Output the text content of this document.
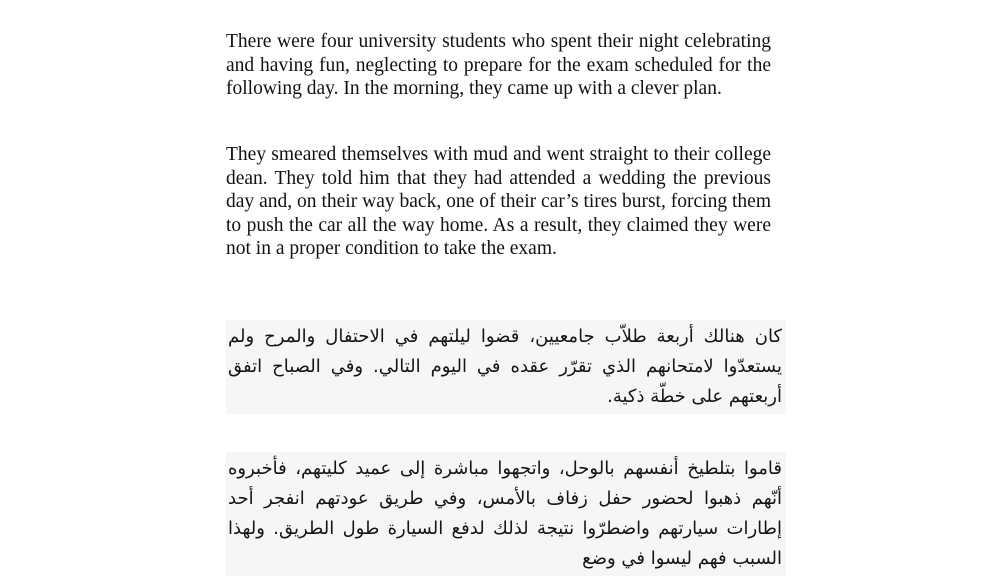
There were four university students who spent their night celebrating and having fun, neglecting to prepare for the exam scheduled for the following day. In the morning, they came up with a clever plan.

They smeared themselves with mud and went straight to their college dean. They told him that they had attended a wedding the previous day and, on their way back, one of their car’s tires burst, forcing them to push the car all the way home. As a result, they claimed they were not in a proper condition to take the exam.

كان هنالك أربعة طلاّب جامعيين، قضوا ليلتهم في الاحتفال والمرح ولم يستعدّوا لامتحانهم الذي تقرّر عقده في اليوم التالي. وفي الصباح اتفق أربعتهم على خطّة ذكية.

قاموا بتلطيخ أنفسهم بالوحل، واتجهوا مباشرة إلى عميد كليتهم، فأخبروه أنّهم ذهبوا لحضور حفل زفاف بالأمس، وفي طريق عودتهم انفجر أحد إطارات سيارتهم واضطرّوا نتيجة لذلك لدفع السيارة طول الطريق. ولهذا السبب فهم ليسوا في وضع
